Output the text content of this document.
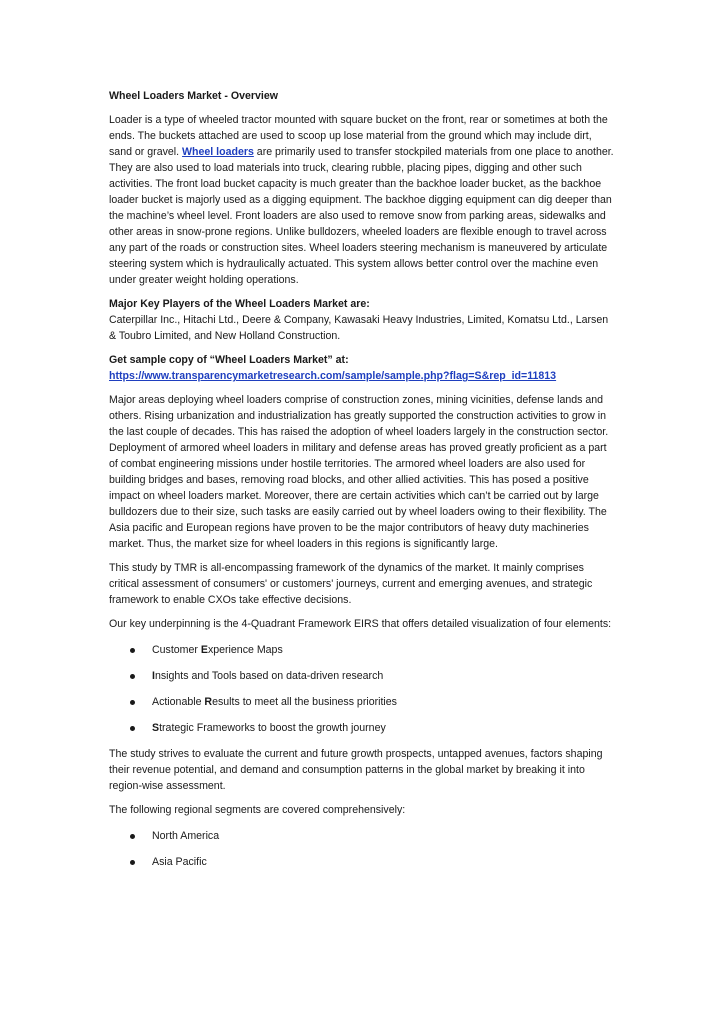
Wheel Loaders Market - Overview

Loader is a type of wheeled tractor mounted with square bucket on the front, rear or sometimes at both the ends. The buckets attached are used to scoop up lose material from the ground which may include dirt, sand or gravel. Wheel loaders are primarily used to transfer stockpiled materials from one place to another. They are also used to load materials into truck, clearing rubble, placing pipes, digging and other such activities. The front load bucket capacity is much greater than the backhoe loader bucket, as the backhoe loader bucket is majorly used as a digging equipment. The backhoe digging equipment can dig deeper than the machine’s wheel level. Front loaders are also used to remove snow from parking areas, sidewalks and other areas in snow-prone regions. Unlike bulldozers, wheeled loaders are flexible enough to travel across any part of the roads or construction sites. Wheel loaders steering mechanism is maneuvered by articulate steering system which is hydraulically actuated. This system allows better control over the machine even under greater weight holding operations.

Major Key Players of the Wheel Loaders Market are:

Caterpillar Inc., Hitachi Ltd., Deere & Company, Kawasaki Heavy Industries, Limited, Komatsu Ltd., Larsen & Toubro Limited, and New Holland Construction.

Get sample copy of “Wheel Loaders Market” at:

https://www.transparencymarketresearch.com/sample/sample.php?flag=S&rep_id=11813

Major areas deploying wheel loaders comprise of construction zones, mining vicinities, defense lands and others. Rising urbanization and industrialization has greatly supported the construction activities to grow in the last couple of decades. This has raised the adoption of wheel loaders largely in the construction sector. Deployment of armored wheel loaders in military and defense areas has proved greatly proficient as a part of combat engineering missions under hostile territories. The armored wheel loaders are also used for building bridges and bases, removing road blocks, and other allied activities. This has posed a positive impact on wheel loaders market. Moreover, there are certain activities which can’t be carried out by large bulldozers due to their size, such tasks are easily carried out by wheel loaders owing to their flexibility. The Asia pacific and European regions have proven to be the major contributors of heavy duty machineries market. Thus, the market size for wheel loaders in this regions is significantly large.

This study by TMR is all-encompassing framework of the dynamics of the market. It mainly comprises critical assessment of consumers' or customers' journeys, current and emerging avenues, and strategic framework to enable CXOs take effective decisions.

Our key underpinning is the 4-Quadrant Framework EIRS that offers detailed visualization of four elements:

Customer Experience Maps
Insights and Tools based on data-driven research
Actionable Results to meet all the business priorities
Strategic Frameworks to boost the growth journey

The study strives to evaluate the current and future growth prospects, untapped avenues, factors shaping their revenue potential, and demand and consumption patterns in the global market by breaking it into region-wise assessment.

The following regional segments are covered comprehensively:

North America
Asia Pacific
